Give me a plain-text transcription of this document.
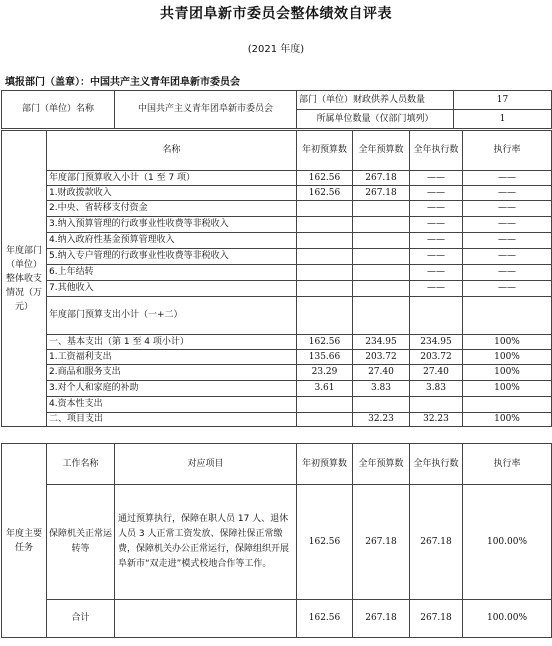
共青团阜新市委员会整体绩效自评表
(2021 年度)
填报部门（盖章）：中国共产主义青年团阜新市委员会
部门（单位）名称	中国共产主义青年团阜新市委员会	部门（单位）财政供养人员数量	17
		所属单位数量（仅部门填列）	1
年度部门（单位）整体收支情况（万元）	名称	年初预算数	全年预算数	全年执行数	执行率
	年度部门预算收入小计（1 至 7 项）	162.56	267.18	——	——
	1.财政拨款收入	162.56	267.18	——	——
	2.中央、省转移支付资金			——	——
	3.纳入预算管理的行政事业性收费等非税收入			——	——
	4.纳入政府性基金预算管理收入			——	——
	5.纳入专户管理的行政事业性收费等非税收入			——	——
	6.上年结转			——	——
	7.其他收入			——	——
	年度部门预算支出小计（一+二）				
	一、基本支出（第 1 至 4 项小计）	162.56	234.95	234.95	100%
	1.工资福利支出	135.66	203.72	203.72	100%
	2.商品和服务支出	23.29	27.40	27.40	100%
	3.对个人和家庭的补助	3.61	3.83	3.83	100%
	4.资本性支出				
	二、项目支出		32.23	32.23	100%
年度主要任务	工作名称	对应项目	年初预算数	全年预算数	全年执行数	执行率
	保障机关正常运转等	通过预算执行，保障在职人员 17 人、退休人员 3 人正常工资发放、保障社保正常缴费，保障机关办公正常运行，保障组织开展阜新市“双走进”模式校地合作等工作。	162.56	267.18	267.18	100.00%
	合计		162.56	267.18	267.18	100.00%
